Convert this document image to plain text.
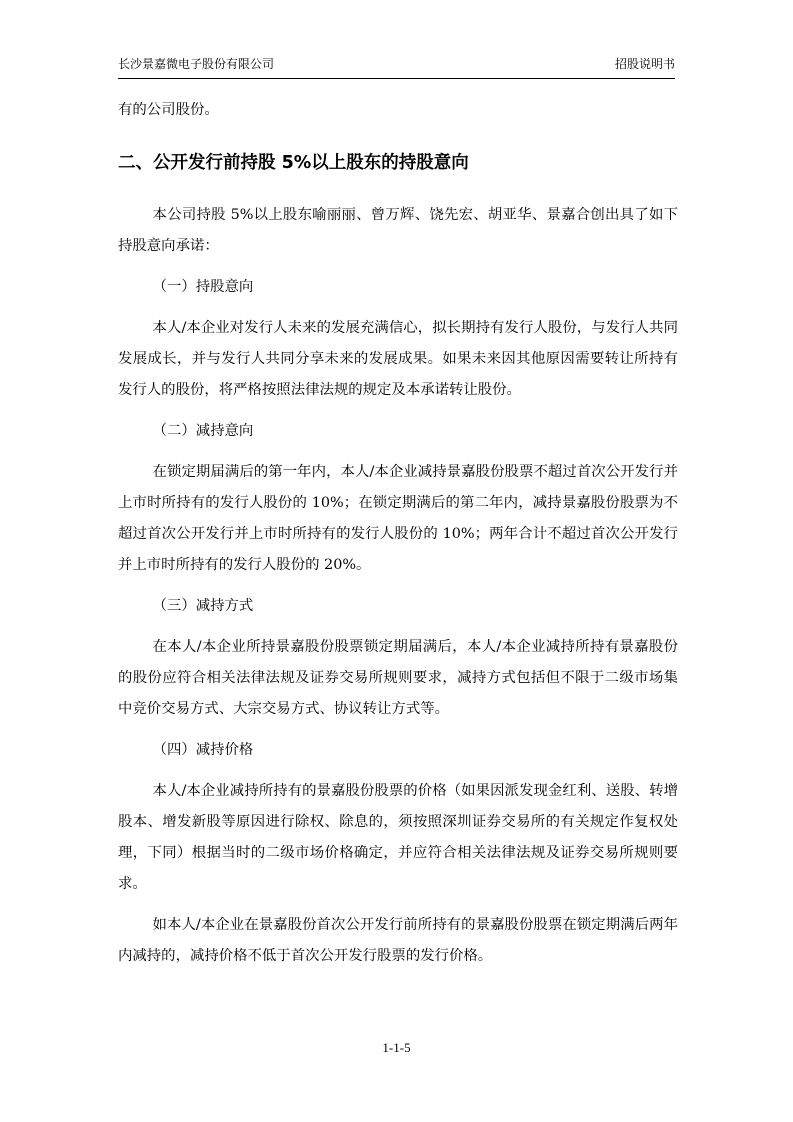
长沙景嘉微电子股份有限公司	招股说明书

有的公司股份。

二、公开发行前持股 5%以上股东的持股意向

本公司持股 5%以上股东喻丽丽、曾万辉、饶先宏、胡亚华、景嘉合创出具了如下持股意向承诺：

（一）持股意向

本人/本企业对发行人未来的发展充满信心，拟长期持有发行人股份，与发行人共同发展成长，并与发行人共同分享未来的发展成果。如果未来因其他原因需要转让所持有发行人的股份，将严格按照法律法规的规定及本承诺转让股份。

（二）减持意向

在锁定期届满后的第一年内，本人/本企业减持景嘉股份股票不超过首次公开发行并上市时所持有的发行人股份的 10%；在锁定期满后的第二年内，减持景嘉股份股票为不超过首次公开发行并上市时所持有的发行人股份的 10%；两年合计不超过首次公开发行并上市时所持有的发行人股份的 20%。

（三）减持方式

在本人/本企业所持景嘉股份股票锁定期届满后，本人/本企业减持所持有景嘉股份的股份应符合相关法律法规及证券交易所规则要求，减持方式包括但不限于二级市场集中竞价交易方式、大宗交易方式、协议转让方式等。

（四）减持价格

本人/本企业减持所持有的景嘉股份股票的价格（如果因派发现金红利、送股、转增股本、增发新股等原因进行除权、除息的，须按照深圳证券交易所的有关规定作复权处理，下同）根据当时的二级市场价格确定，并应符合相关法律法规及证券交易所规则要求。

如本人/本企业在景嘉股份首次公开发行前所持有的景嘉股份股票在锁定期满后两年内减持的，减持价格不低于首次公开发行股票的发行价格。

1-1-5
